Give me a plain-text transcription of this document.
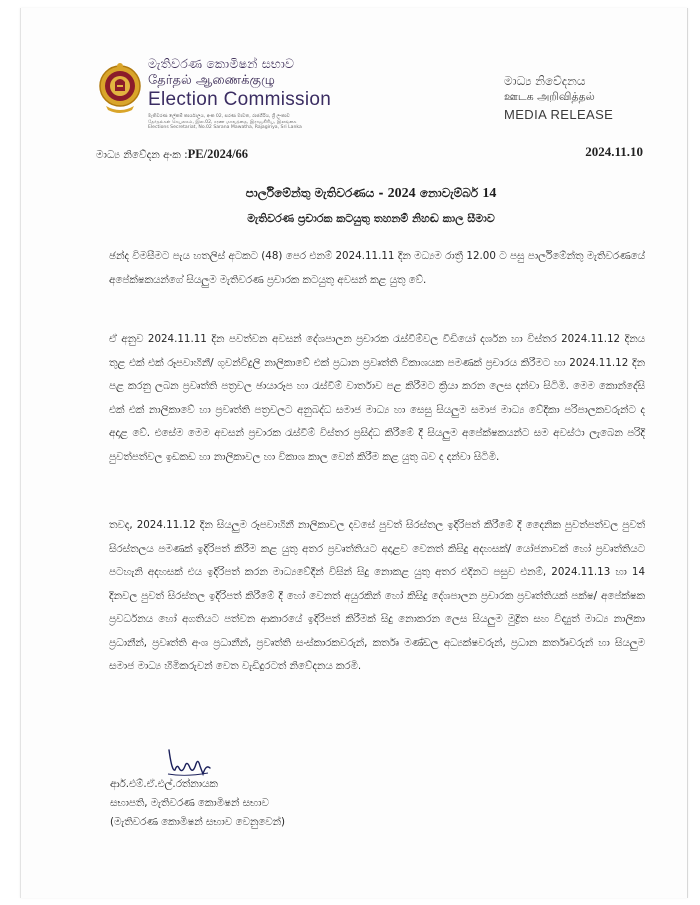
මැතිවරණ කොමිෂන් සභාව
தேர்தல் ஆணைக்குழு
Election Commission
මැතිවරණ ලේකම් කාර්යාලය, අංක 02, සරණ මාවත, රාජගිරිය, ශ්‍රී ලංකාව
தேர்தல்கள் செயலகம், இல.02, சரண மாவத்தை, இராஜகிரிய, இலங்கை
Elections Secretariat, No.02 Sarana Mawatha, Rajagiriya, Sri Lanka
මාධ්‍ය නිවේදනය
ஊடக அறிவித்தல்
MEDIA RELEASE
මාධ්‍ය නිවේදන අංක :PE/2024/66	2024.11.10
පාර්ලිමේන්තු මැතිවරණය - 2024 නොවැම්බර් 14
මැතිවරණ ප්‍රචාරක කටයුතු තහනම් නිහඬ කාල සීමාව
ඡන්ද විමසීමට පැය හතලිස් අටකට (48) පෙර එනම් 2024.11.11 දින මධ්‍යම රාත්‍රී 12.00 ට පසු පාර්ලිමේන්තු මැතිවරණයේ අපේක්ෂකයන්ගේ සියලුම මැතිවරණ ප්‍රචාරක කටයුතු අවසන් කළ යුතු වේ.
ඒ අනුව 2024.11.11 දින පවත්වන අවසන් දේශපාලන ප්‍රචාරක රැස්වීම්වල වීඩියෝ දර්ශන හා විස්තර 2024.11.12 දිනය තුළ එක් එක් රූපවාහිනී/ ගුවන්විදුලි නාලිකාවේ එක් ප්‍රධාන ප්‍රවෘත්ති විකාශයක පමණක් ප්‍රචාරය කිරීමට හා 2024.11.12 දින පළ කරනු ලබන ප්‍රවෘත්ති පත්‍රවල ඡායාරූප හා රැස්වීම් වාර්තාව පළ කිරීමට ක්‍රියා කරන ලෙස දන්වා සිටිමි. මෙම කොන්දේසි එක් එක් නාලිකාවේ හා ප්‍රවෘත්ති පත්‍රවලට අනුබද්ධ සමාජ මාධ්‍ය හා සෙසු සියලුම සමාජ මාධ්‍ය වේදිකා පරිපාලකවරුන්ට ද අදාළ වේ. එසේම මෙම අවසන් ප්‍රචාරක රැස්වීම් විස්තර ප්‍රසිද්ධ කිරීමේ දී සියලුම අපේක්ෂකයන්ට සම අවස්ථා ලැබෙන පරිදි පුවත්පත්වල ඉඩකඩ හා නාලිකාවල හා විකාශ කාල වෙන් කිරීම කළ යුතු බව ද දන්වා සිටිමි.
තවද, 2024.11.12 දින සියලුම රූපවාහිනී නාලිකාවල දවසේ පුවත් සිරස්තල ඉදිරිපත් කිරීමේ දී දෛනික පුවත්පත්වල පුවත් සිරස්තලය පමණක් ඉදිරිපත් කිරීම කළ යුතු අතර ප්‍රවෘත්තියට අදාළව වෙනත් කිසිදු අදහසක්/ යෝජනාවක් හෝ ප්‍රවෘත්තියට පටහැනි අදහසක් එය ඉදිරිපත් කරන මාධ්‍යවේදීන් විසින් සිදු නොකළ යුතු අතර එදිනට පසුව එනම්, 2024.11.13 හා 14 දිනවල පුවත් සිරස්තල ඉදිරිපත් කිරීමේ දී හෝ වෙනත් අයුරකින් හෝ කිසිදු දේශපාලන ප්‍රචාරක ප්‍රවෘත්තියක් පක්ෂ/ අපේක්ෂක ප්‍රවර්ධනය හෝ අගතියට පත්වන ආකාරයේ ඉදිරිපත් කිරීමක් සිදු නොකරන ලෙස සියලුම මුද්‍රිත සහ විද්‍යුත් මාධ්‍ය නාලිකා ප්‍රධානීන්, ප්‍රවෘත්ති අංශ ප්‍රධානීන්, ප්‍රවෘත්ති සංස්කාරකවරුන්, කර්තෘ මණ්ඩල අධ්‍යක්ෂවරුන්, ප්‍රධාන කර්තෘවරුන් හා සියලුම සමාජ මාධ්‍ය හිමිකරුවන් වෙත වැඩිදුරටත් නිවේදනය කරමි.
ආර්.එම්.ඒ.එල්.රත්නායක
සභාපති, මැතිවරණ කොමිෂන් සභාව
(මැතිවරණ කොමිෂන් සභාව වෙනුවෙන්)
